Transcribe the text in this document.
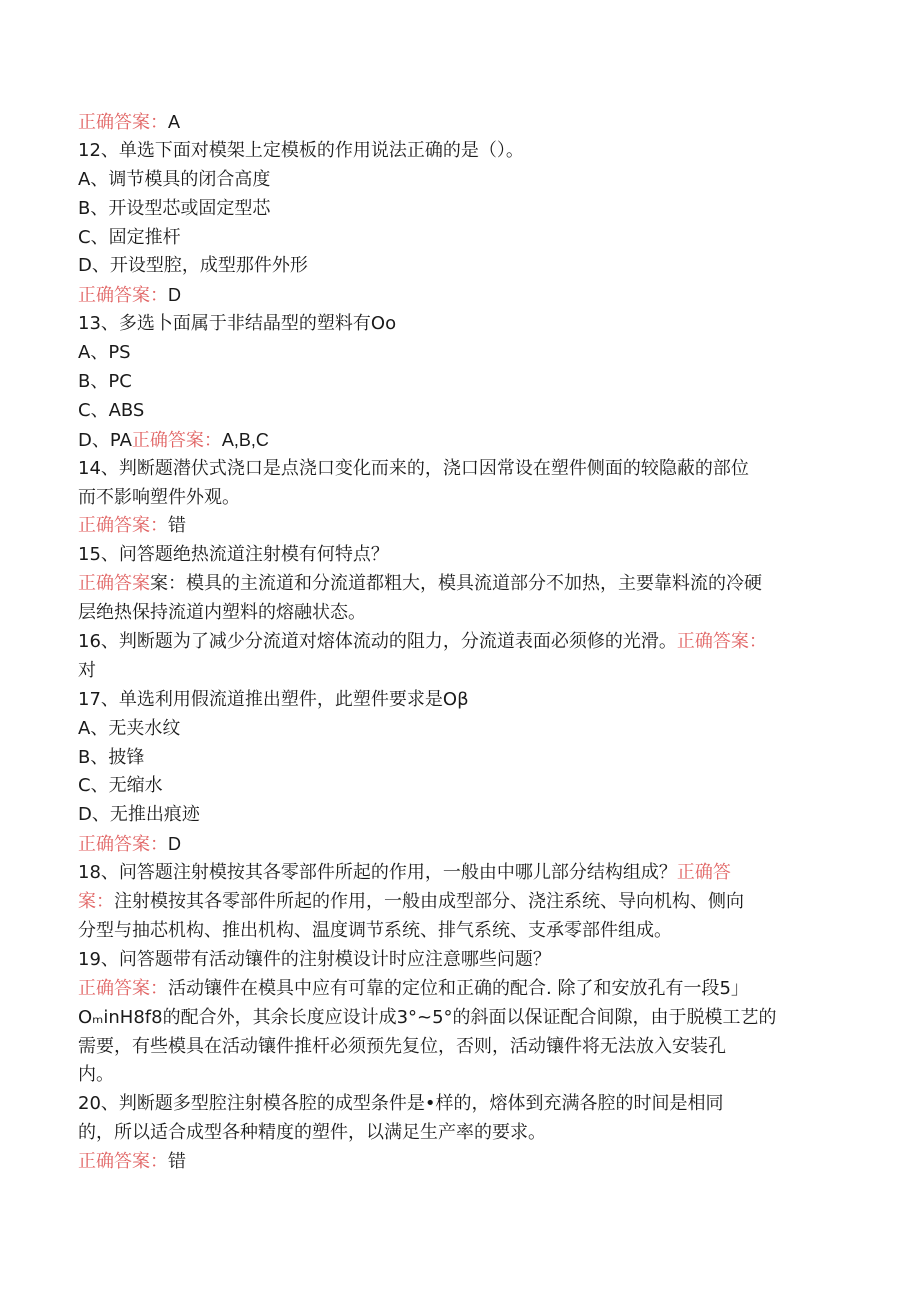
正确答案：A
12、单选下面对模架上定模板的作用说法正确的是（）。
A、调节模具的闭合高度
B、开设型芯或固定型芯
C、固定推杆
D、开设型腔，成型那件外形
正确答案：D
13、多选卜面属于非结晶型的塑料有Oo
A、PS
B、PC
C、ABS
D、PA正确答案：A,B,C
14、判断题潜伏式浇口是点浇口变化而来的，浇口因常设在塑件侧面的较隐蔽的部位
而不影响塑件外观。
正确答案：错
15、问答题绝热流道注射模有何特点？
正确答案案：模具的主流道和分流道都粗大，模具流道部分不加热，主要靠料流的冷硬
层绝热保持流道内塑料的熔融状态。
16、判断题为了减少分流道对熔体流动的阻力，分流道表面必须修的光滑。正确答案：
对
17、单选利用假流道推出塑件，此塑件要求是Oβ
A、无夹水纹
B、披锋
C、无缩水
D、无推出痕迹
正确答案：D
18、问答题注射模按其各零部件所起的作用，一般由中哪儿部分结构组成？正确答
案：注射模按其各零部件所起的作用，一般由成型部分、浇注系统、导向机构、侧向
分型与抽芯机构、推出机构、温度调节系统、排气系统、支承零部件组成。
19、问答题带有活动镶件的注射模设计时应注意哪些问题？
正确答案：活动镶件在模具中应有可靠的定位和正确的配合. 除了和安放孔有一段5」
OₘinH8f8的配合外，其余长度应设计成3°~5°的斜面以保证配合间隙，由于脱模工艺的
需要，有些模具在活动镶件推杆必须预先复位，否则，活动镶件将无法放入安装孔
内。
20、判断题多型腔注射模各腔的成型条件是•样的，熔体到充满各腔的时间是相同
的，所以适合成型各种精度的塑件，以满足生产率的要求。
正确答案：错
